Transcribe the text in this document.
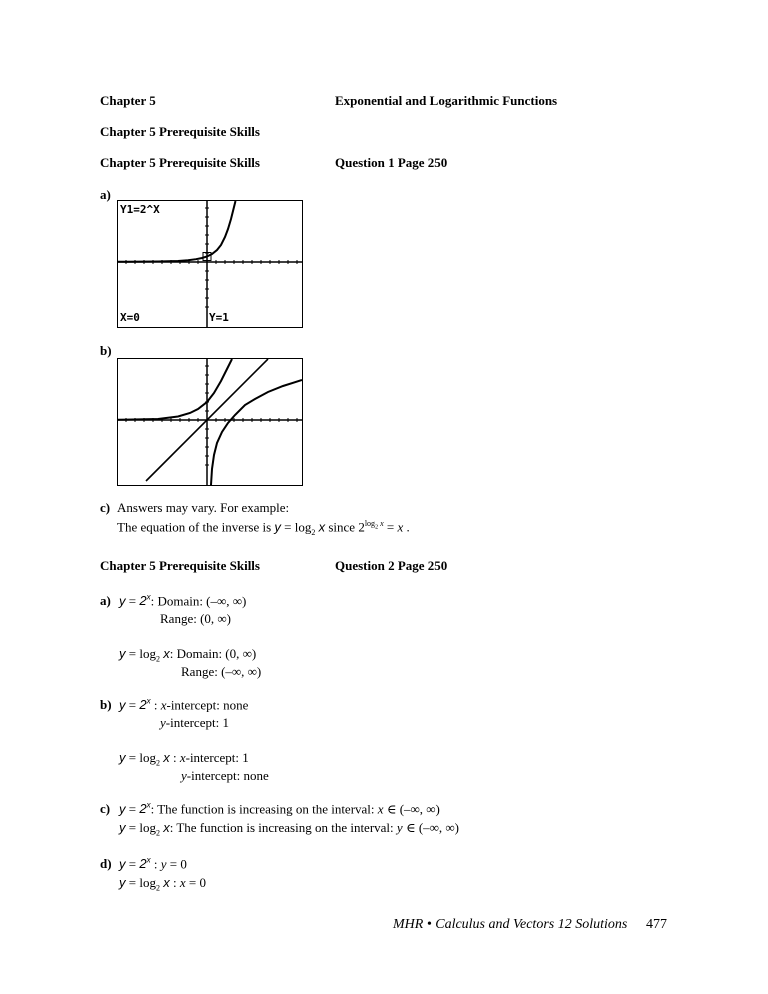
Chapter 5	Exponential and Logarithmic Functions
Chapter 5 Prerequisite Skills
Chapter 5 Prerequisite Skills	Question 1 Page 250
a)
Y1=2^X
X=0	Y=1
b)
c) Answers may vary. For example:
The equation of the inverse is $y = \log_2 x$ since $2^{log_2 x} = x$ .
Chapter 5 Prerequisite Skills	Question 2 Page 250
a) $y = 2^x$: Domain: (–∞, ∞)
Range: (0, ∞)
$y = \log_2 x$: Domain: (0, ∞)
Range: (–∞, ∞)
b) $y = 2^x$ : x-intercept: none
y-intercept: 1
$y = \log_2 x$ : x-intercept: 1
y-intercept: none
c) $y = 2^x$: The function is increasing on the interval: x ∈ (–∞, ∞)
$y = \log_2 x$: The function is increasing on the interval: y ∈ (–∞, ∞)
d) $y = 2^x$ : y = 0
$y = \log_2 x$ : x = 0
MHR • Calculus and Vectors 12 Solutions 477
